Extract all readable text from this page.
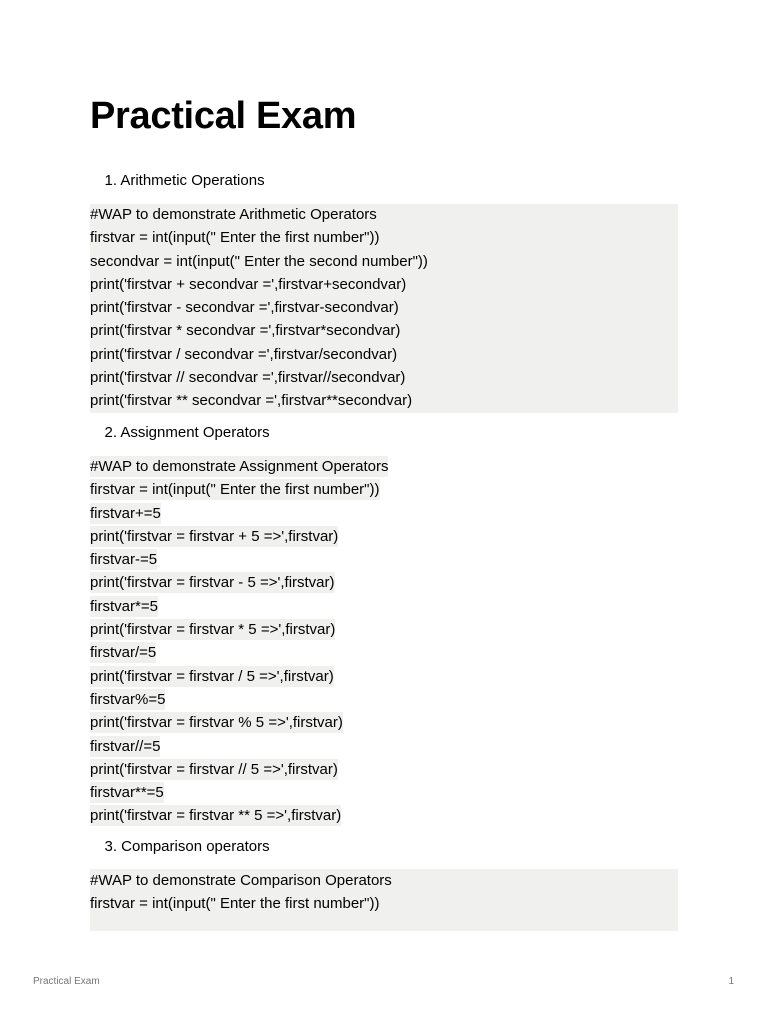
Practical Exam
1. Arithmetic Operations
#WAP to demonstrate Arithmetic Operators
firstvar = int(input(" Enter the first number"))
secondvar = int(input(" Enter the second number"))
print('firstvar + secondvar =',firstvar+secondvar)
print('firstvar - secondvar =',firstvar-secondvar)
print('firstvar * secondvar =',firstvar*secondvar)
print('firstvar / secondvar =',firstvar/secondvar)
print('firstvar // secondvar =',firstvar//secondvar)
print('firstvar ** secondvar =',firstvar**secondvar)
2. Assignment Operators
#WAP to demonstrate Assignment Operators
firstvar = int(input(" Enter the first number"))
firstvar+=5
print('firstvar = firstvar + 5 =>',firstvar)
firstvar-=5
print('firstvar = firstvar - 5 =>',firstvar)
firstvar*=5
print('firstvar = firstvar * 5 =>',firstvar)
firstvar/=5
print('firstvar = firstvar / 5 =>',firstvar)
firstvar%=5
print('firstvar = firstvar % 5 =>',firstvar)
firstvar//=5
print('firstvar = firstvar // 5 =>',firstvar)
firstvar**=5
print('firstvar = firstvar ** 5 =>',firstvar)
3. Comparison operators
#WAP to demonstrate Comparison Operators
firstvar = int(input(" Enter the first number"))
Practical Exam	1
